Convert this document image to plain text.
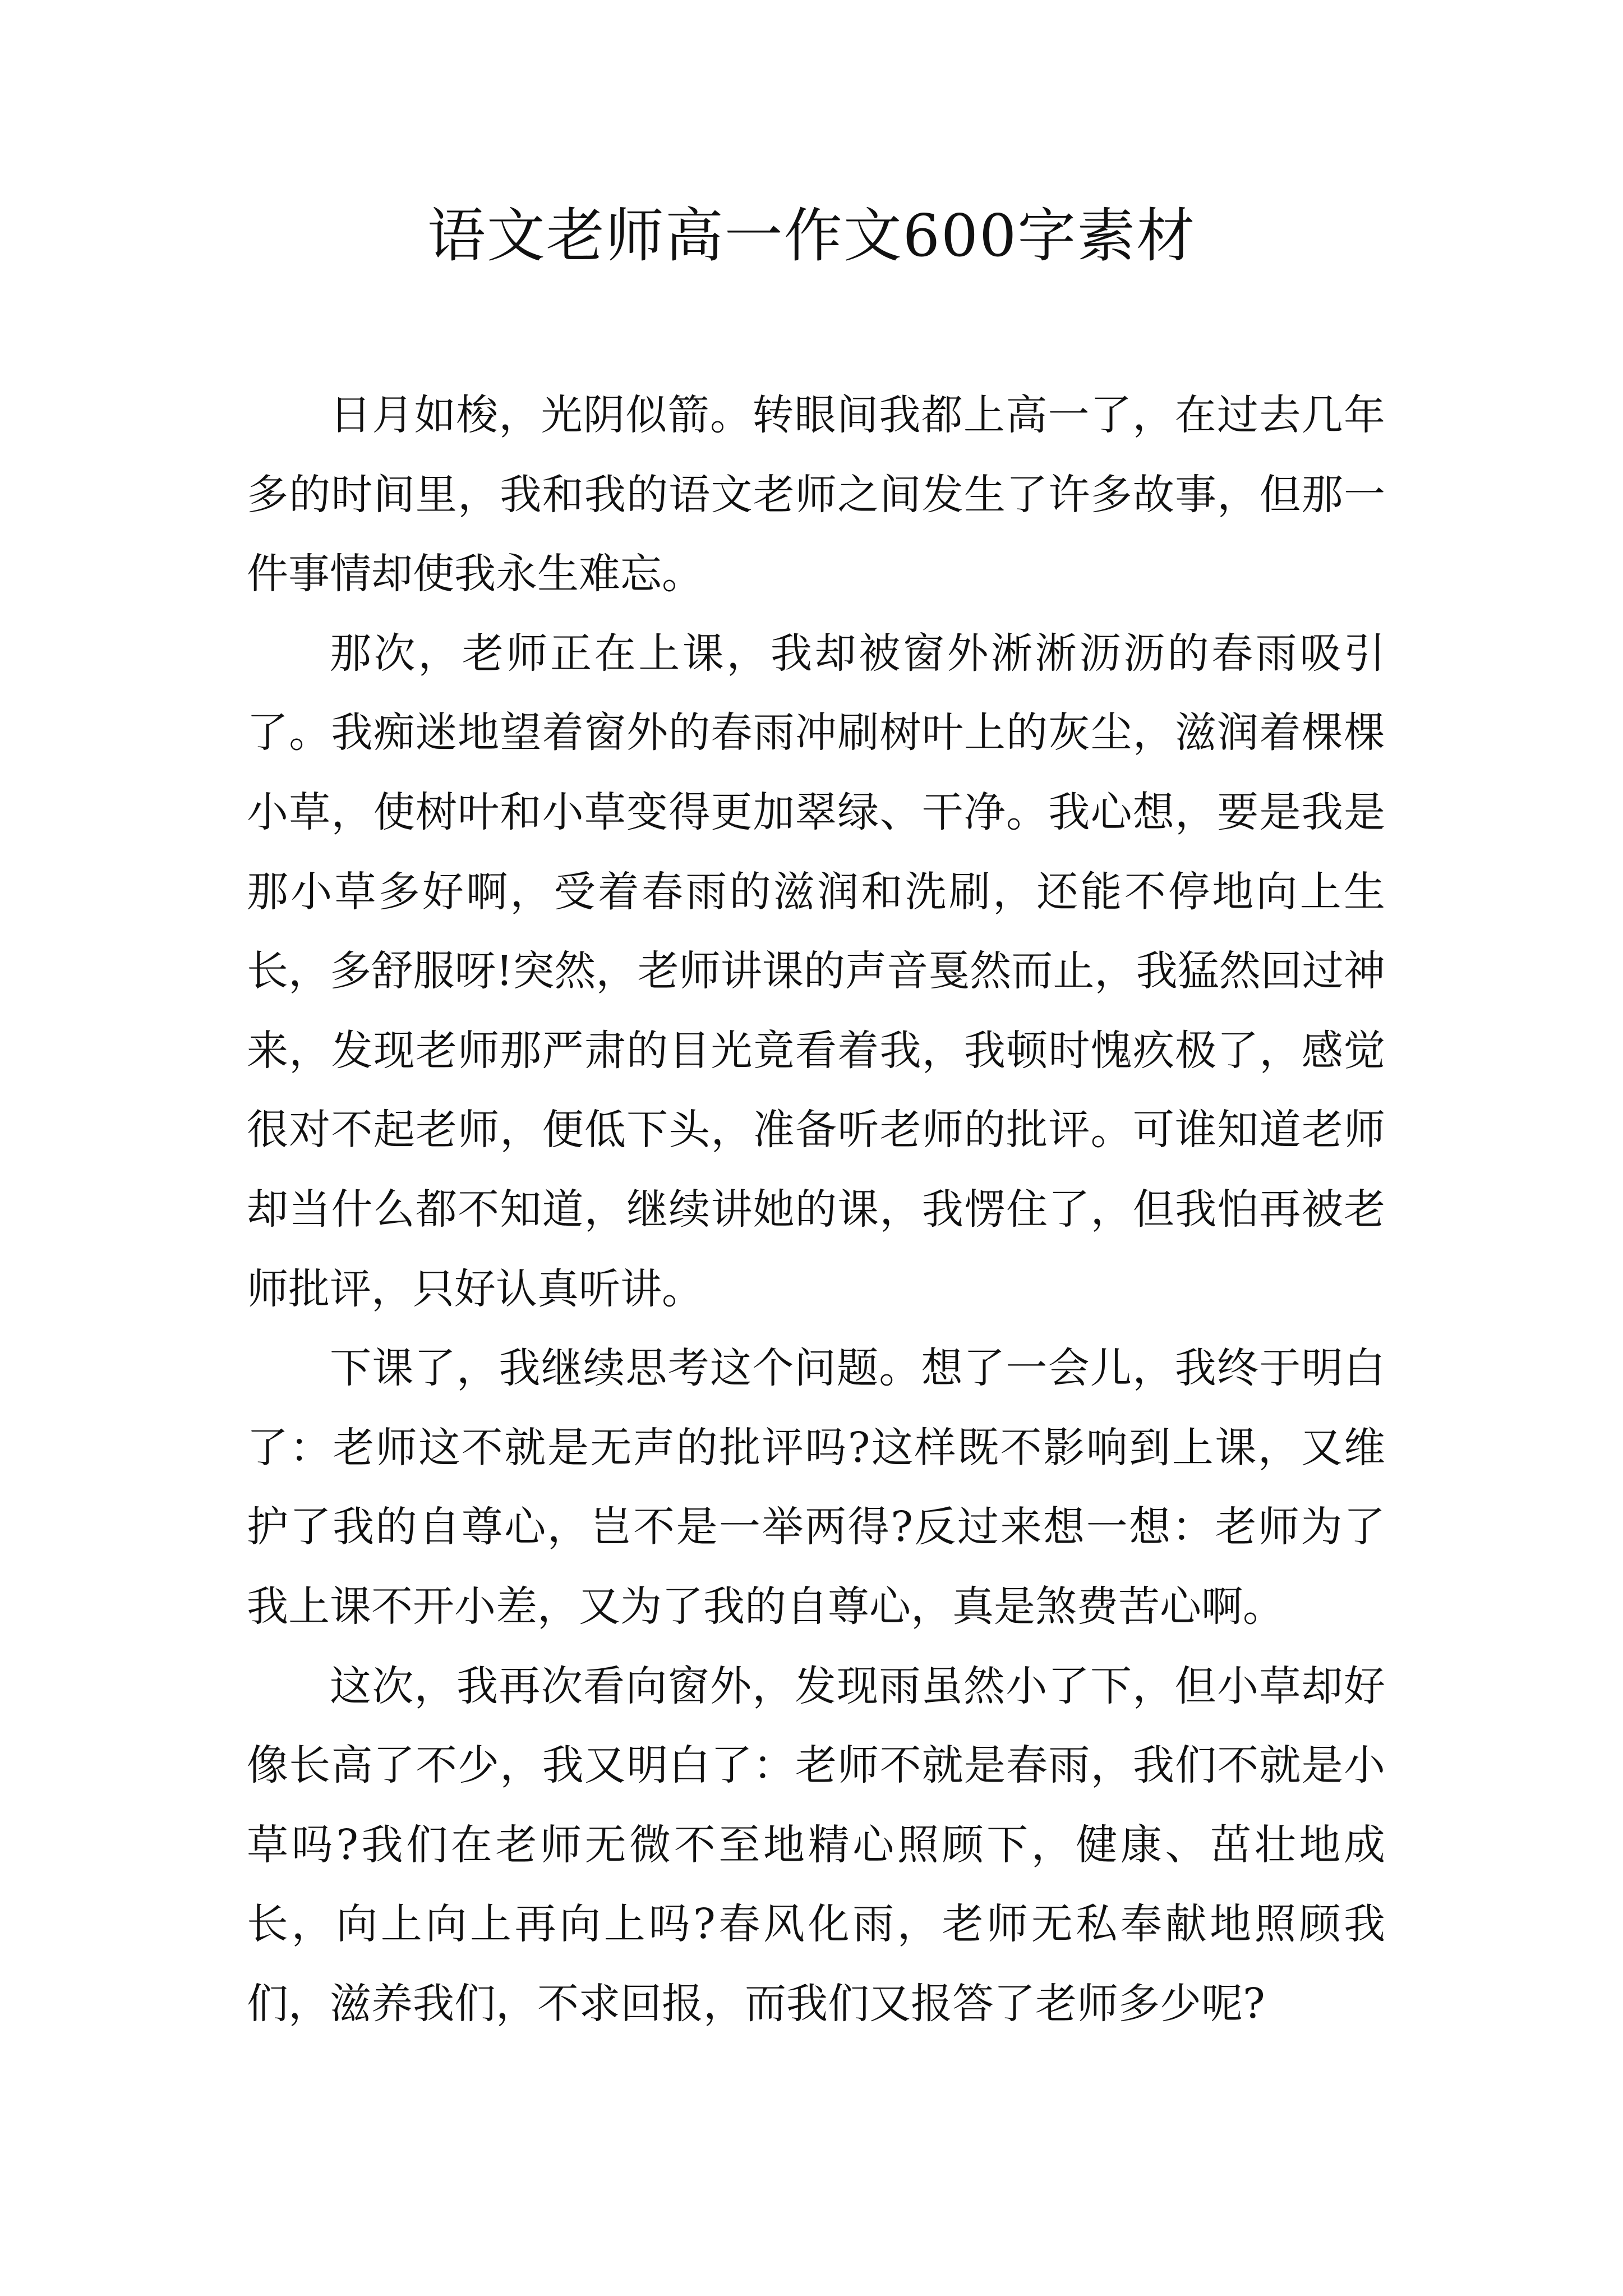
语文老师高一作文600字素材

日月如梭，光阴似箭。转眼间我都上高一了，在过去几年多的时间里，我和我的语文老师之间发生了许多故事，但那一件事情却使我永生难忘。

那次，老师正在上课，我却被窗外淅淅沥沥的春雨吸引了。我痴迷地望着窗外的春雨冲刷树叶上的灰尘，滋润着棵棵小草，使树叶和小草变得更加翠绿、干净。我心想，要是我是那小草多好啊，受着春雨的滋润和洗刷，还能不停地向上生长，多舒服呀!突然，老师讲课的声音戛然而止，我猛然回过神来，发现老师那严肃的目光竟看着我，我顿时愧疚极了，感觉很对不起老师，便低下头，准备听老师的批评。可谁知道老师却当什么都不知道，继续讲她的课，我愣住了，但我怕再被老师批评，只好认真听讲。

下课了，我继续思考这个问题。想了一会儿，我终于明白了：老师这不就是无声的批评吗?这样既不影响到上课，又维护了我的自尊心，岂不是一举两得?反过来想一想：老师为了我上课不开小差，又为了我的自尊心，真是煞费苦心啊。

这次，我再次看向窗外，发现雨虽然小了下，但小草却好像长高了不少，我又明白了：老师不就是春雨，我们不就是小草吗?我们在老师无微不至地精心照顾下，健康、茁壮地成长，向上向上再向上吗?春风化雨，老师无私奉献地照顾我们，滋养我们，不求回报，而我们又报答了老师多少呢?
